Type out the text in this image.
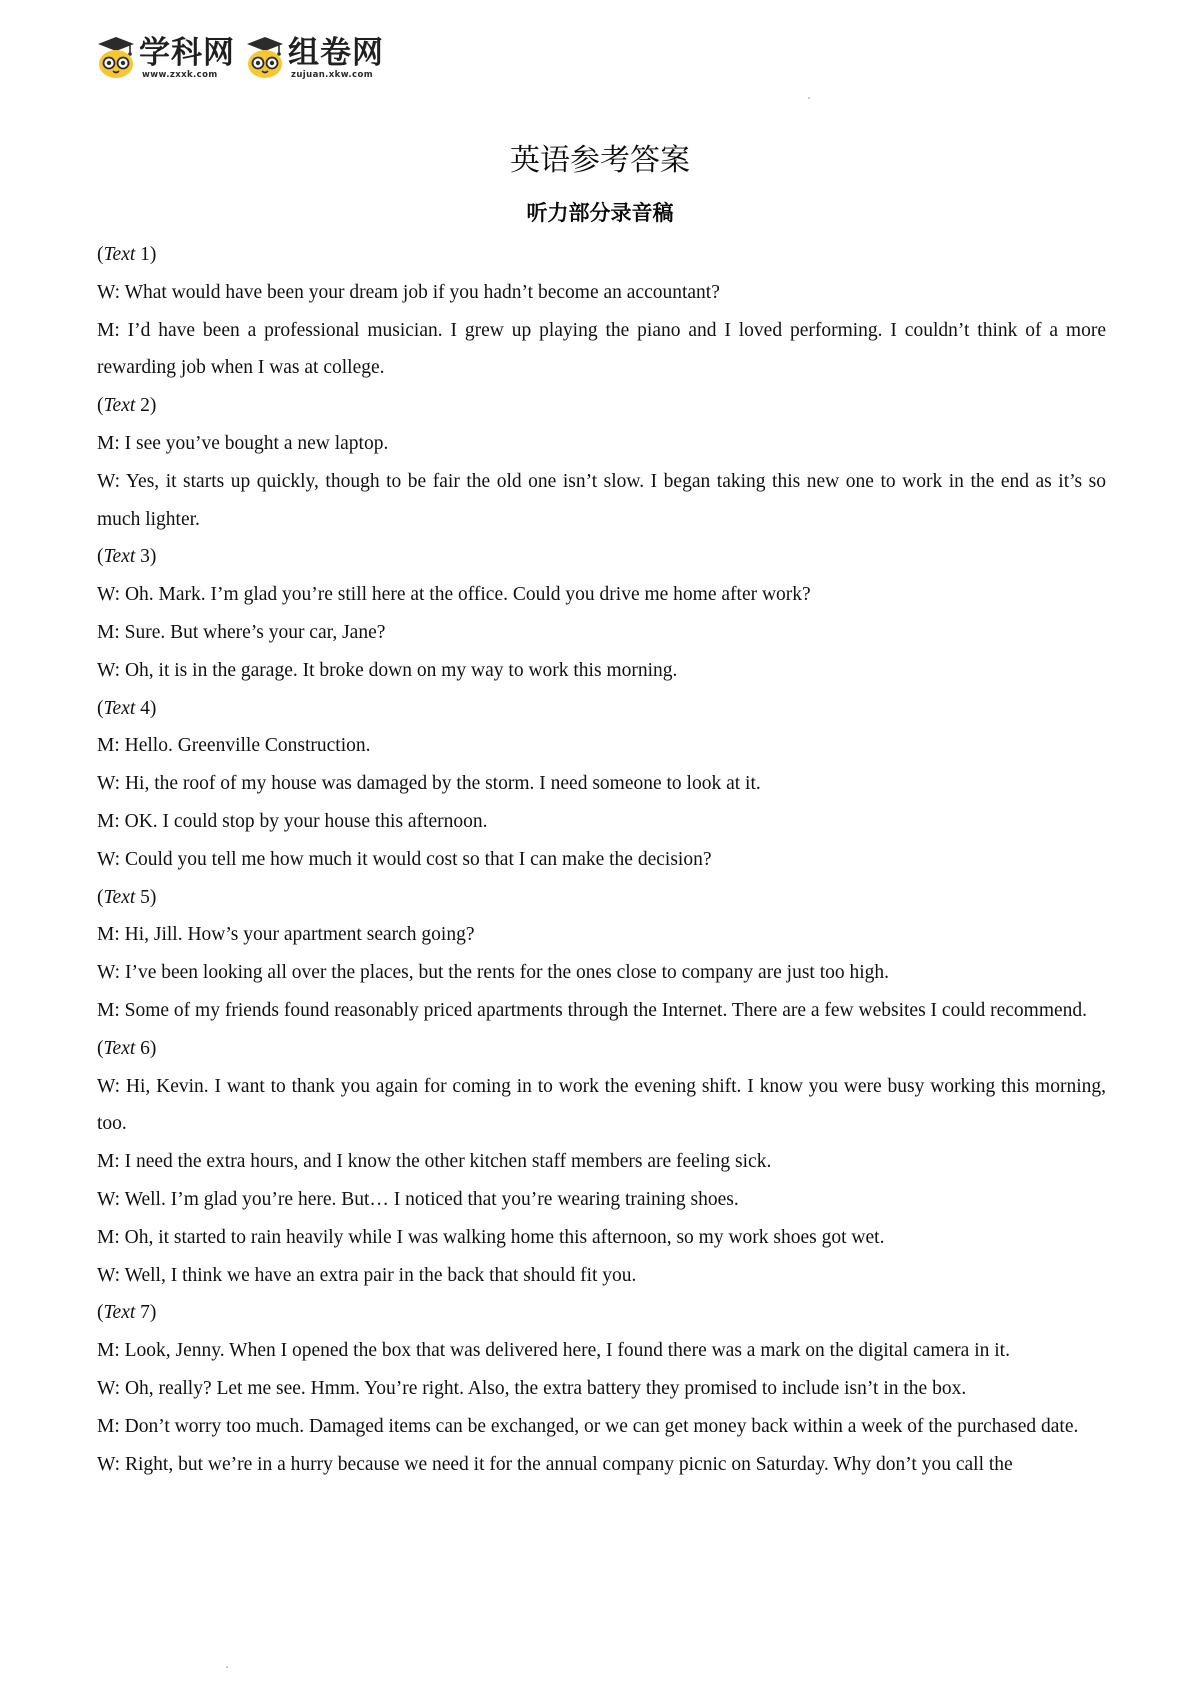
学科网
www.zxxk.com
组卷网
zujuan.xkw.com
英语参考答案
听力部分录音稿

(Text 1)

W: What would have been your dream job if you hadn’t become an accountant?

M: I’d have been a professional musician. I grew up playing the piano and I loved performing. I couldn’t think of a more rewarding job when I was at college.

(Text 2)

M: I see you’ve bought a new laptop.

W: Yes, it starts up quickly, though to be fair the old one isn’t slow. I began taking this new one to work in the end as it’s so much lighter.

(Text 3)

W: Oh. Mark. I’m glad you’re still here at the office. Could you drive me home after work?

M: Sure. But where’s your car, Jane?

W: Oh, it is in the garage. It broke down on my way to work this morning.

(Text 4)

M: Hello. Greenville Construction.

W: Hi, the roof of my house was damaged by the storm. I need someone to look at it.

M: OK. I could stop by your house this afternoon.

W: Could you tell me how much it would cost so that I can make the decision?

(Text 5)

M: Hi, Jill. How’s your apartment search going?

W: I’ve been looking all over the places, but the rents for the ones close to company are just too high.

M: Some of my friends found reasonably priced apartments through the Internet. There are a few websites I could recommend.

(Text 6)

W: Hi, Kevin. I want to thank you again for coming in to work the evening shift. I know you were busy working this morning, too.

M: I need the extra hours, and I know the other kitchen staff members are feeling sick.

W: Well. I’m glad you’re here. But… I noticed that you’re wearing training shoes.

M: Oh, it started to rain heavily while I was walking home this afternoon, so my work shoes got wet.

W: Well, I think we have an extra pair in the back that should fit you.

(Text 7)

M: Look, Jenny. When I opened the box that was delivered here, I found there was a mark on the digital camera in it.

W: Oh, really? Let me see. Hmm. You’re right. Also, the extra battery they promised to include isn’t in the box.

M: Don’t worry too much. Damaged items can be exchanged, or we can get money back within a week of the purchased date.

W: Right, but we’re in a hurry because we need it for the annual company picnic on Saturday. Why don’t you call the
